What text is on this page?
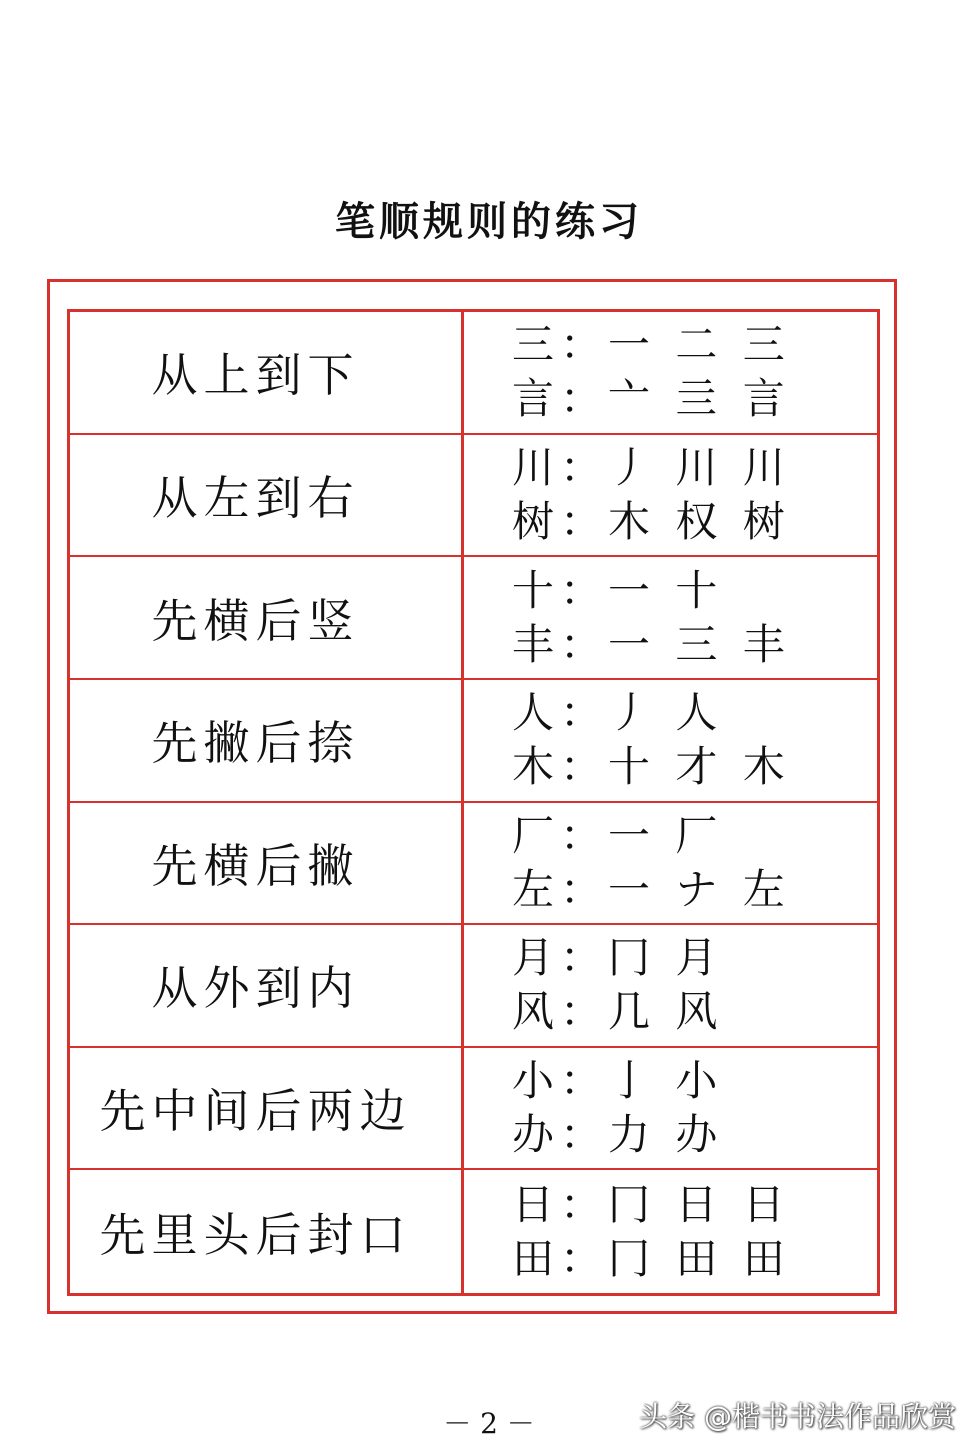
笔顺规则的练习
从上到下
三：一 二 三
言：亠 亖 言
从左到右
川：丿 川 川
树：木 权 树
先横后竖
十：一 十
丰：一 三 丰
先撇后捺
人：丿 人
木：十 才 木
先横后撇
厂：一 厂
左：一 ナ 左
从外到内
月：冂 月
风：几 风
先中间后两边
小：亅 小
办：力 办
先里头后封口
日：冂 日 日
田：冂 田 田
－ 2 －	头条 @楷书书法作品欣赏
